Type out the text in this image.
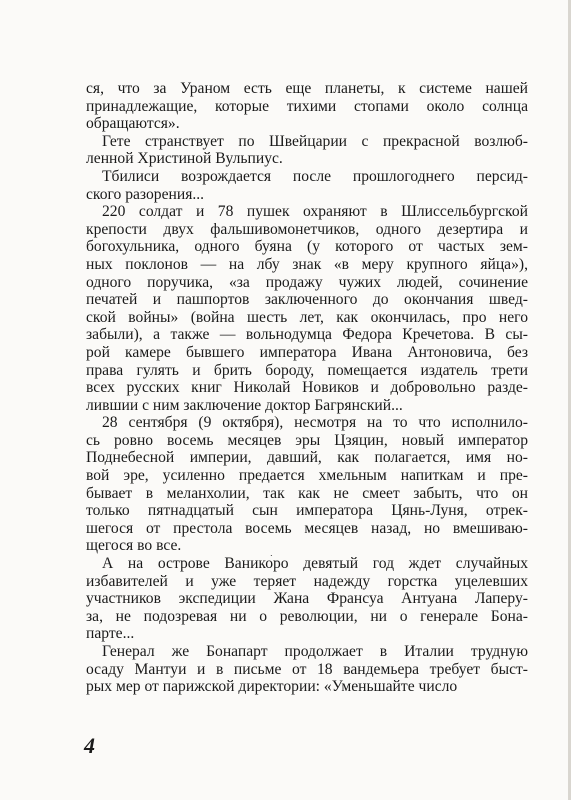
ся, что за Ураном есть еще планеты, к системе нашей
принадлежащие, которые тихими стопами около солнца
обращаются».
Гете странствует по Швейцарии с прекрасной возлюб-
ленной Христиной Вульпиус.
Тбилиси возрождается после прошлогоднего персид-
ского разорения...
220 солдат и 78 пушек охраняют в Шлиссельбургской
крепости двух фальшивомонетчиков, одного дезертира и
богохульника, одного буяна (у которого от частых зем-
ных поклонов — на лбу знак «в меру крупного яйца»),
одного поручика, «за продажу чужих людей, сочинение
печатей и пашпортов заключенного до окончания швед-
ской войны» (война шесть лет, как окончилась, про него
забыли), а также — вольнодумца Федора Кречетова. В сы-
рой камере бывшего императора Ивана Антоновича, без
права гулять и брить бороду, помещается издатель трети
всех русских книг Николай Новиков и добровольно разде-
лившии с ним заключение доктор Багрянский...
28 сентября (9 октября), несмотря на то что исполнило-
сь ровно восемь месяцев эры Цзяцин, новый император
Поднебесной империи, давший, как полагается, имя но-
вой эре, усиленно предается хмельным напиткам и пре-
бывает в меланхолии, так как не смеет забыть, что он
только пятнадцатый сын императора Цянь-Луня, отрек-
шегося от престола восемь месяцев назад, но вмешиваю-
щегося во все.
А на острове Ванико̀ро девятый год ждет случайных
избавителей и уже теряет надежду горстка уцелевших
участников экспедиции Жана Франсуа Антуана Лаперу-
за, не подозревая ни о революции, ни о генерале Бона-
парте...
Генерал же Бонапарт продолжает в Италии трудную
осаду Мантуи и в письме от 18 вандемьера требует быст-
рых мер от парижской директории: «Уменьшайте число
4
